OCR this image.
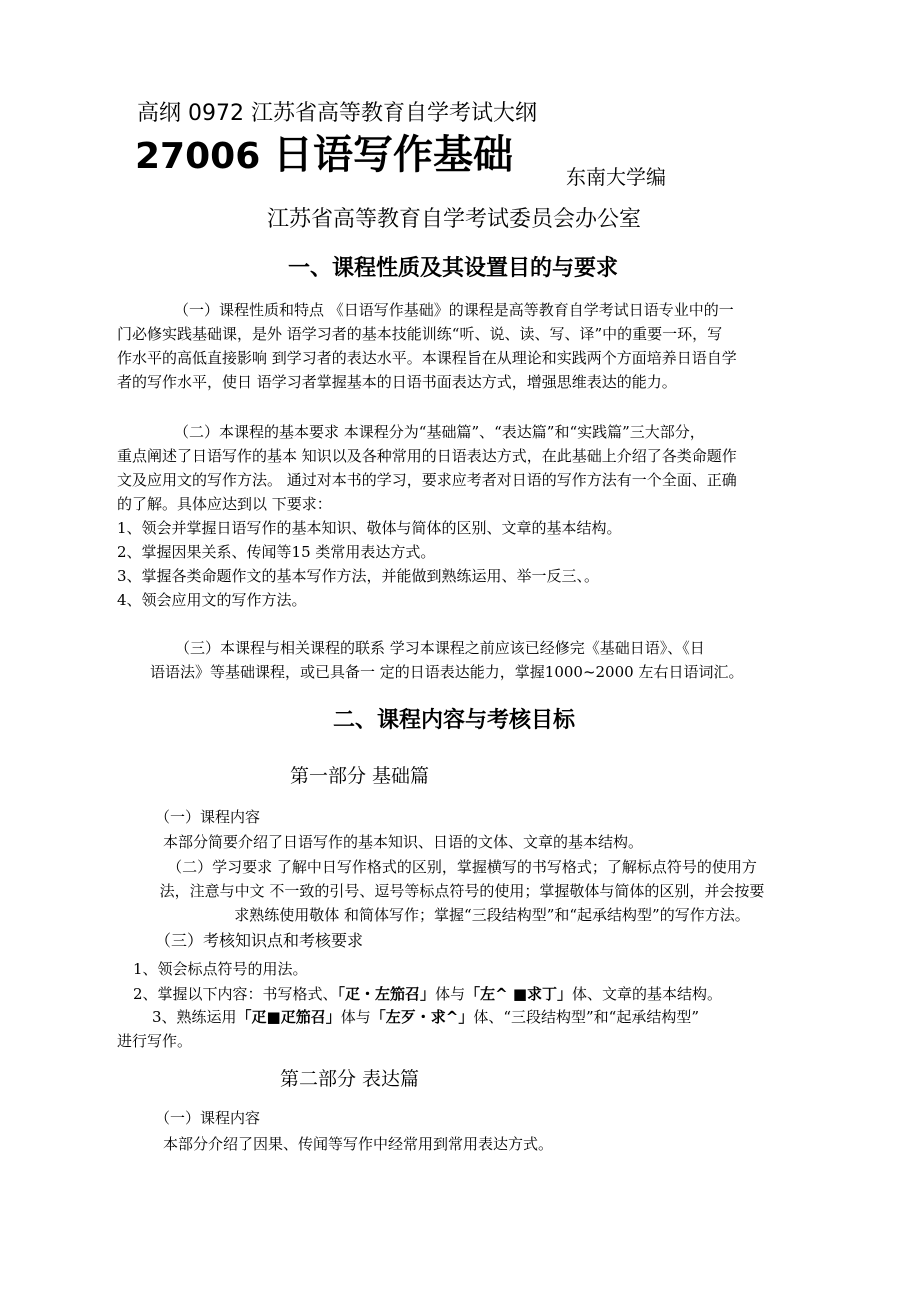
高纲 0972 江苏省高等教育自学考试大纲
27006 日语写作基础	东南大学编
江苏省高等教育自学考试委员会办公室
一、课程性质及其设置目的与要求
（一）课程性质和特点 《日语写作基础》的课程是高等教育自学考试日语专业中的一
门必修实践基础课，是外 语学习者的基本技能训练“听、说、读、写、译”中的重要一环，写
作水平的高低直接影响 到学习者的表达水平。本课程旨在从理论和实践两个方面培养日语自学
者的写作水平，使日 语学习者掌握基本的日语书面表达方式，增强思维表达的能力。
（二）本课程的基本要求 本课程分为“基础篇”、“表达篇”和“实践篇”三大部分，
重点阐述了日语写作的基本 知识以及各种常用的日语表达方式，在此基础上介绍了各类命题作
文及应用文的写作方法。 通过对本书的学习，要求应考者对日语的写作方法有一个全面、正确
的了解。具体应达到以 下要求：
1、领会并掌握日语写作的基本知识、敬体与简体的区别、文章的基本结构。
2、掌握因果关系、传闻等15 类常用表达方式。
3、掌握各类命题作文的基本写作方法，并能做到熟练运用、举一反三、。
4、领会应用文的写作方法。
（三）本课程与相关课程的联系 学习本课程之前应该已经修完《基础日语》、《日
语语法》等基础课程，或已具备一 定的日语表达能力，掌握1000~2000 左右日语词汇。
二、课程内容与考核目标
第一部分 基础篇
（一）课程内容
本部分简要介绍了日语写作的基本知识、日语的文体、文章的基本结构。
（二）学习要求 了解中日写作格式的区别，掌握横写的书写格式；了解标点符号的使用方
法，注意与中文 不一致的引号、逗号等标点符号的使用；掌握敬体与简体的区别，并会按要
求熟练使用敬体 和简体写作；掌握“三段结构型”和“起承结构型”的写作方法。
（三）考核知识点和考核要求
1、领会标点符号的用法。
2、掌握以下内容：书写格式、「疋・左笳召」体与「左^ ■求丁」体、文章的基本结构。
3、熟练运用「疋■疋笳召」体与「左歹・求^」体、“三段结构型”和“起承结构型”
进行写作。
第二部分 表达篇
（一）课程内容
本部分介绍了因果、传闻等写作中经常用到常用表达方式。
